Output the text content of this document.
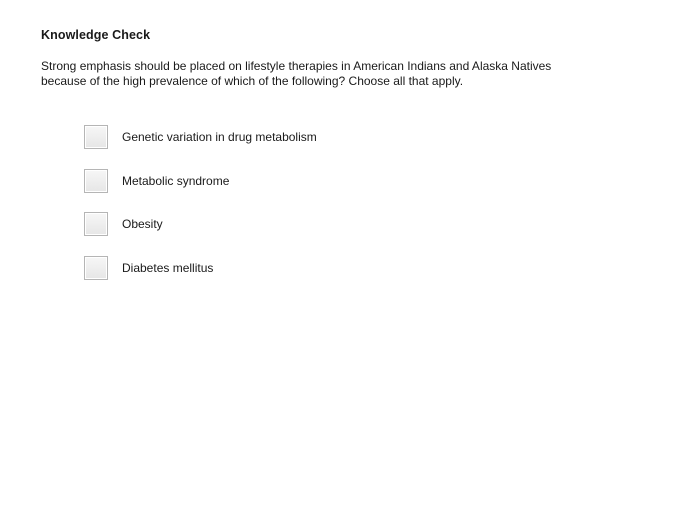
Knowledge Check
Strong emphasis should be placed on lifestyle therapies in American Indians and Alaska Natives
because of the high prevalence of which of the following? Choose all that apply.
Genetic variation in drug metabolism
Metabolic syndrome
Obesity
Diabetes mellitus
